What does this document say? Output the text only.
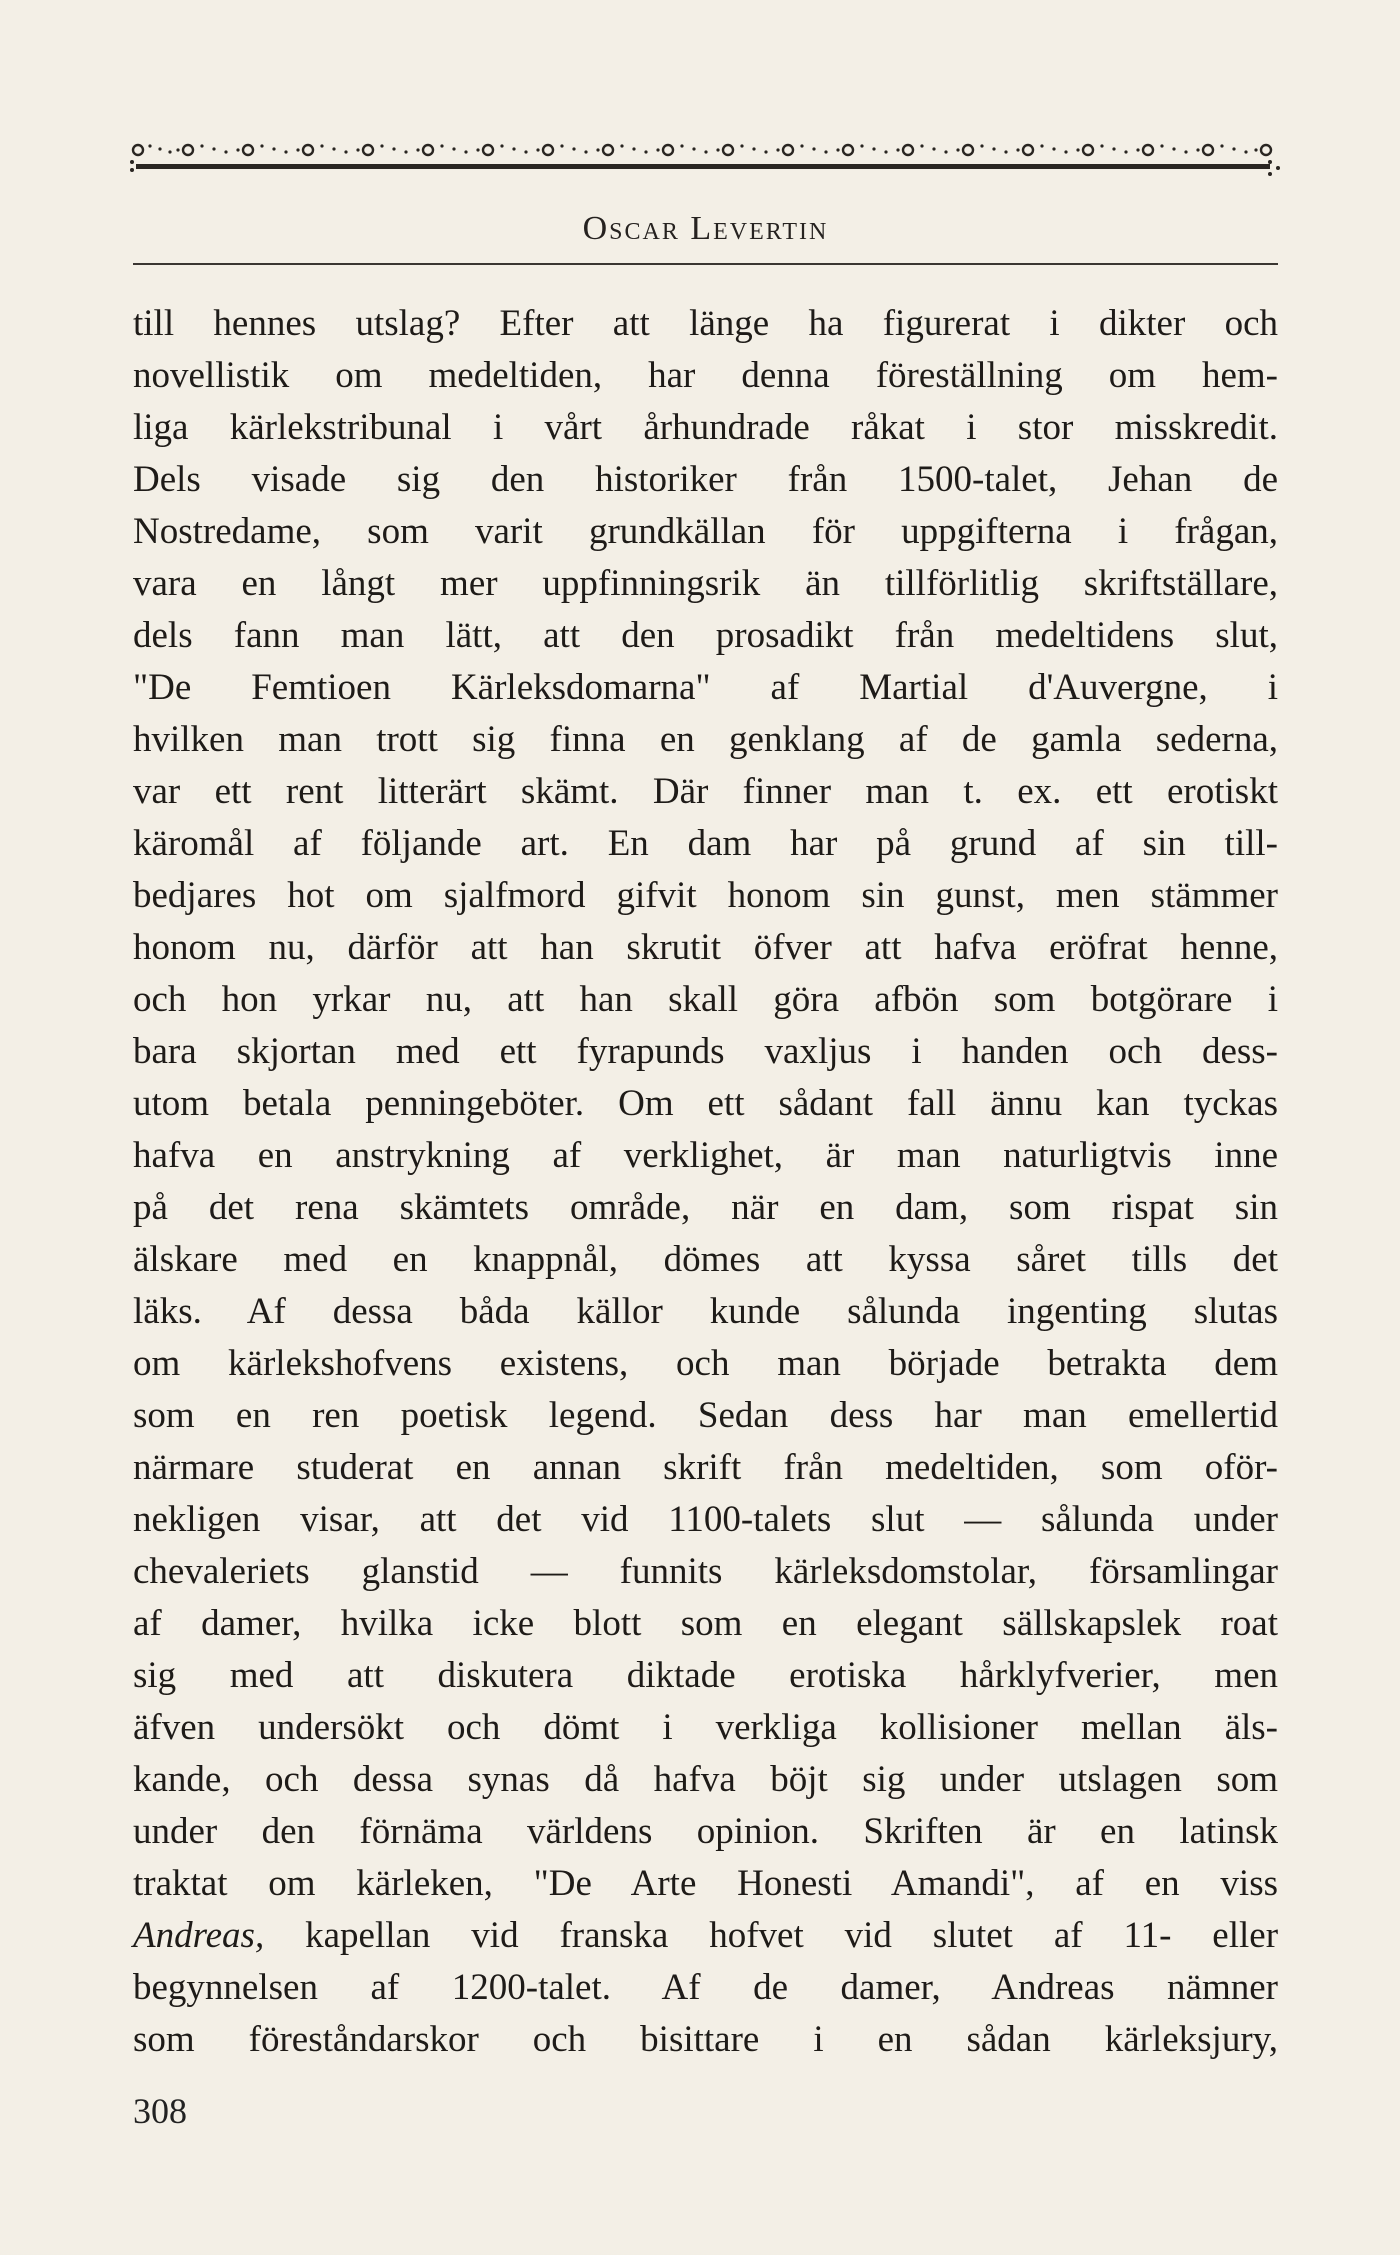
Oscar Levertin
till hennes utslag? Efter att länge ha figurerat i dikter och
novellistik om medeltiden, har denna föreställning om hem-
liga kärlekstribunal i vårt århundrade råkat i stor misskredit.
Dels visade sig den historiker från 1500-talet, Jehan de
Nostredame, som varit grundkällan för uppgifterna i frågan,
vara en långt mer uppfinningsrik än tillförlitlig skriftställare,
dels fann man lätt, att den prosadikt från medeltidens slut,
"De Femtioen Kärleksdomarna" af Martial d'Auvergne, i
hvilken man trott sig finna en genklang af de gamla sederna,
var ett rent litterärt skämt. Där finner man t. ex. ett erotiskt
käromål af följande art. En dam har på grund af sin till-
bedjares hot om sjalfmord gifvit honom sin gunst, men stämmer
honom nu, därför att han skrutit öfver att hafva eröfrat henne,
och hon yrkar nu, att han skall göra afbön som botgörare i
bara skjortan med ett fyrapunds vaxljus i handen och dess-
utom betala penningeböter. Om ett sådant fall ännu kan tyckas
hafva en anstrykning af verklighet, är man naturligtvis inne
på det rena skämtets område, när en dam, som rispat sin
älskare med en knappnål, dömes att kyssa såret tills det
läks. Af dessa båda källor kunde sålunda ingenting slutas
om kärlekshofvens existens, och man började betrakta dem
som en ren poetisk legend. Sedan dess har man emellertid
närmare studerat en annan skrift från medeltiden, som oför-
nekligen visar, att det vid 1100-talets slut — sålunda under
chevaleriets glanstid — funnits kärleksdomstolar, församlingar
af damer, hvilka icke blott som en elegant sällskapslek roat
sig med att diskutera diktade erotiska hårklyfverier, men
äfven undersökt och dömt i verkliga kollisioner mellan äls-
kande, och dessa synas då hafva böjt sig under utslagen som
under den förnäma världens opinion. Skriften är en latinsk
traktat om kärleken, "De Arte Honesti Amandi", af en viss
Andreas, kapellan vid franska hofvet vid slutet af 11- eller
begynnelsen af 1200-talet. Af de damer, Andreas nämner
som föreståndarskor och bisittare i en sådan kärleksjury,
308
